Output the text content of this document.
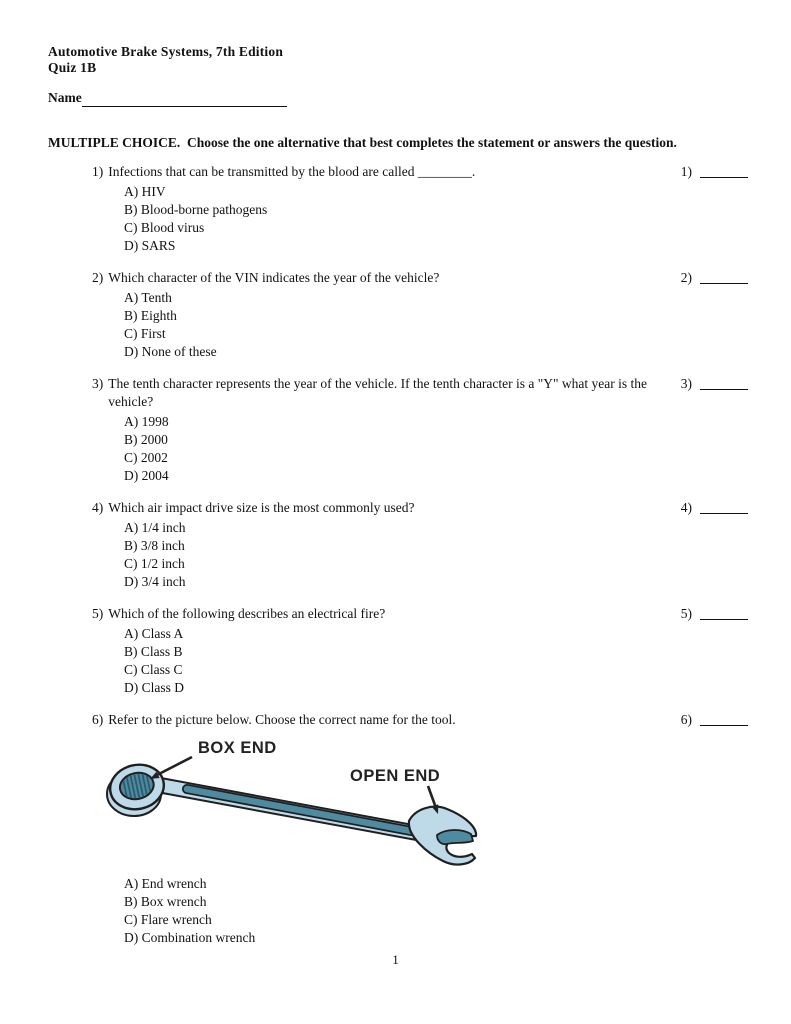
Automotive Brake Systems, 7th Edition
Quiz 1B
Name
MULTIPLE CHOICE.  Choose the one alternative that best completes the statement or answers the question.
1) Infections that can be transmitted by the blood are called ________.	1)
A) HIV
B) Blood-borne pathogens
C) Blood virus
D) SARS
2) Which character of the VIN indicates the year of the vehicle?	2)
A) Tenth
B) Eighth
C) First
D) None of these
3) The tenth character represents the year of the vehicle. If the tenth character is a "Y" what year is the vehicle?
3)
A) 1998
B) 2000
C) 2002
D) 2004
4) Which air impact drive size is the most commonly used?	4)
A) 1/4 inch
B) 3/8 inch
C) 1/2 inch
D) 3/4 inch
5) Which of the following describes an electrical fire?	5)
A) Class A
B) Class B
C) Class C
D) Class D
6) Refer to the picture below. Choose the correct name for the tool.	6)
BOX END
OPEN END
A) End wrench
B) Box wrench
C) Flare wrench
D) Combination wrench
1
